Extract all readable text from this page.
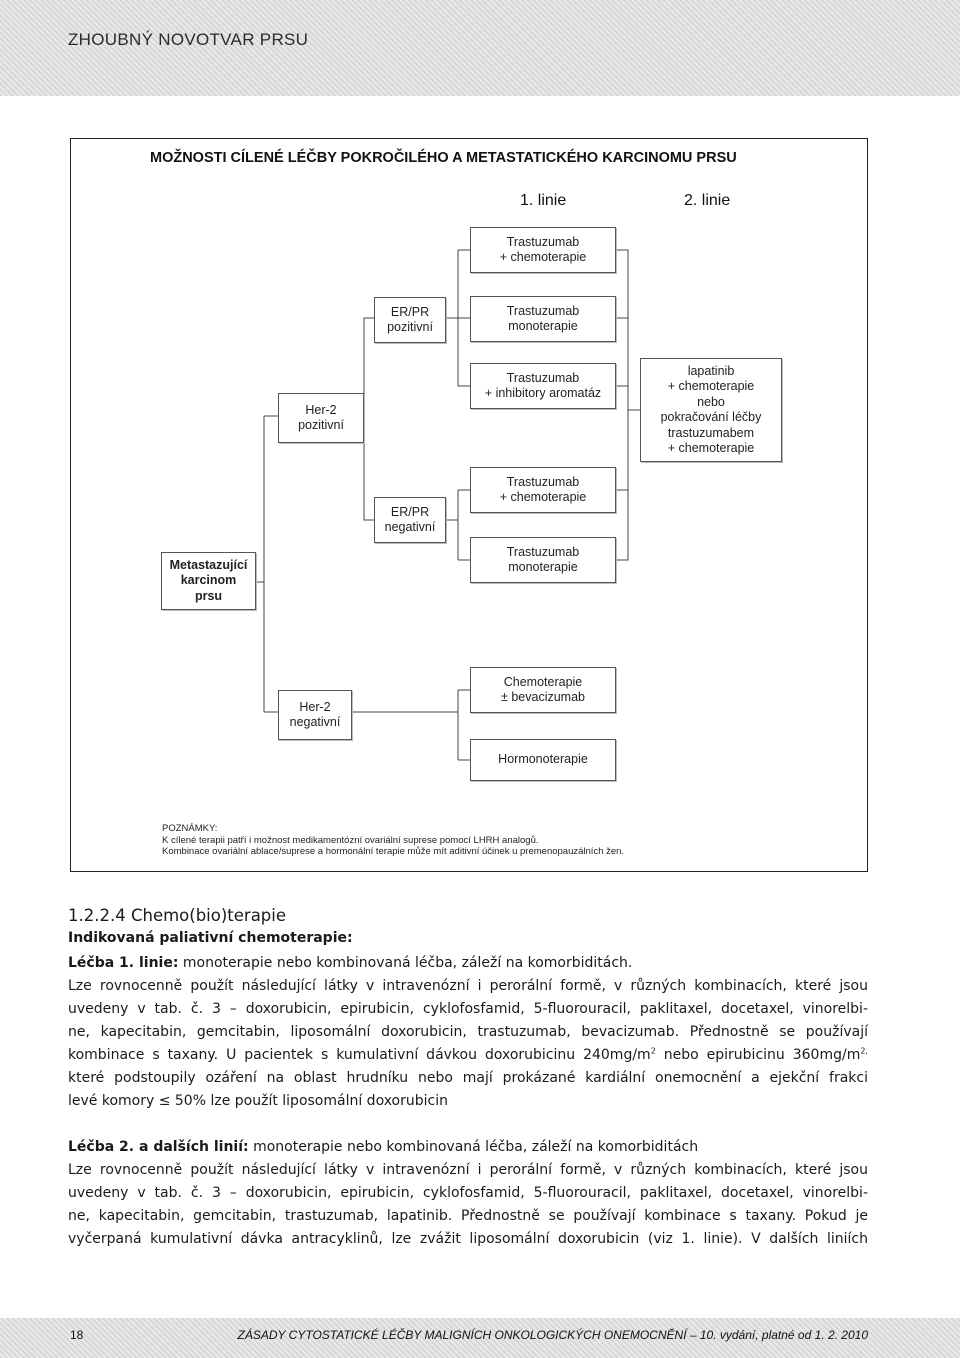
ZHOUBNÝ NOVOTVAR PRSU
MOŽNOSTI CÍLENÉ LÉČBY POKROČILÉHO A METASTATICKÉHO KARCINOMU PRSU
1. linie	2. linie
Metastazující
karcinom
prsu
Her-2
pozitivní
Her-2
negativní
ER/PR
pozitivní
ER/PR
negativní
Trastuzumab
+ chemoterapie
Trastuzumab
monoterapie
Trastuzumab
+ inhibitory aromatáz
Trastuzumab
+ chemoterapie
Trastuzumab
monoterapie
Chemoterapie
± bevacizumab
Hormonoterapie
lapatinib
+ chemoterapie
nebo
pokračování léčby
trastuzumabem
+ chemoterapie
POZNÁMKY:
K cílené terapii patří i možnost medikamentózní ovariální suprese pomocí LHRH analogů.
Kombinace ovariální ablace/suprese a hormonální terapie může mít aditivní účinek u premenopauzálních žen.
1.2.2.4 Chemo(bio)terapie
Indikovaná paliativní chemoterapie:
Léčba 1. linie: monoterapie nebo kombinovaná léčba, záleží na komorbiditách.
Lze rovnocenně použít následující látky v intravenózní i perorální formě, v různých kombinacích, které jsou
uvedeny v tab. č. 3 – doxorubicin, epirubicin, cyklofosfamid, 5-fluorouracil, paklitaxel, docetaxel, vinorelbi-
ne, kapecitabin, gemcitabin, liposomální doxorubicin, trastuzumab, bevacizumab. Přednostně se používají
kombinace s taxany. U pacientek s kumulativní dávkou doxorubicinu $240mg/m^2$ nebo epirubicinu $360mg/m^{2,}$
které podstoupily ozáření na oblast hrudníku nebo mají prokázané kardiální onemocnění a ejekční frakci
levé komory ≤ 50% lze použít liposomální doxorubicin
Léčba 2. a dalších linií: monoterapie nebo kombinovaná léčba, záleží na komorbiditách
Lze rovnocenně použít následující látky v intravenózní i perorální formě, v různých kombinacích, které jsou
uvedeny v tab. č. 3 – doxorubicin, epirubicin, cyklofosfamid, 5-fluorouracil, paklitaxel, docetaxel, vinorelbi-
ne, kapecitabin, gemcitabin, trastuzumab, lapatinib. Přednostně se používají kombinace s taxany. Pokud je
vyčerpaná kumulativní dávka antracyklinů, lze zvážit liposomální doxorubicin (viz 1. linie). V dalších liniích
18	ZÁSADY CYTOSTATICKÉ LÉČBY MALIGNÍCH ONKOLOGICKÝCH ONEMOCNĚNÍ – 10. vydání, platné od 1. 2. 2010
